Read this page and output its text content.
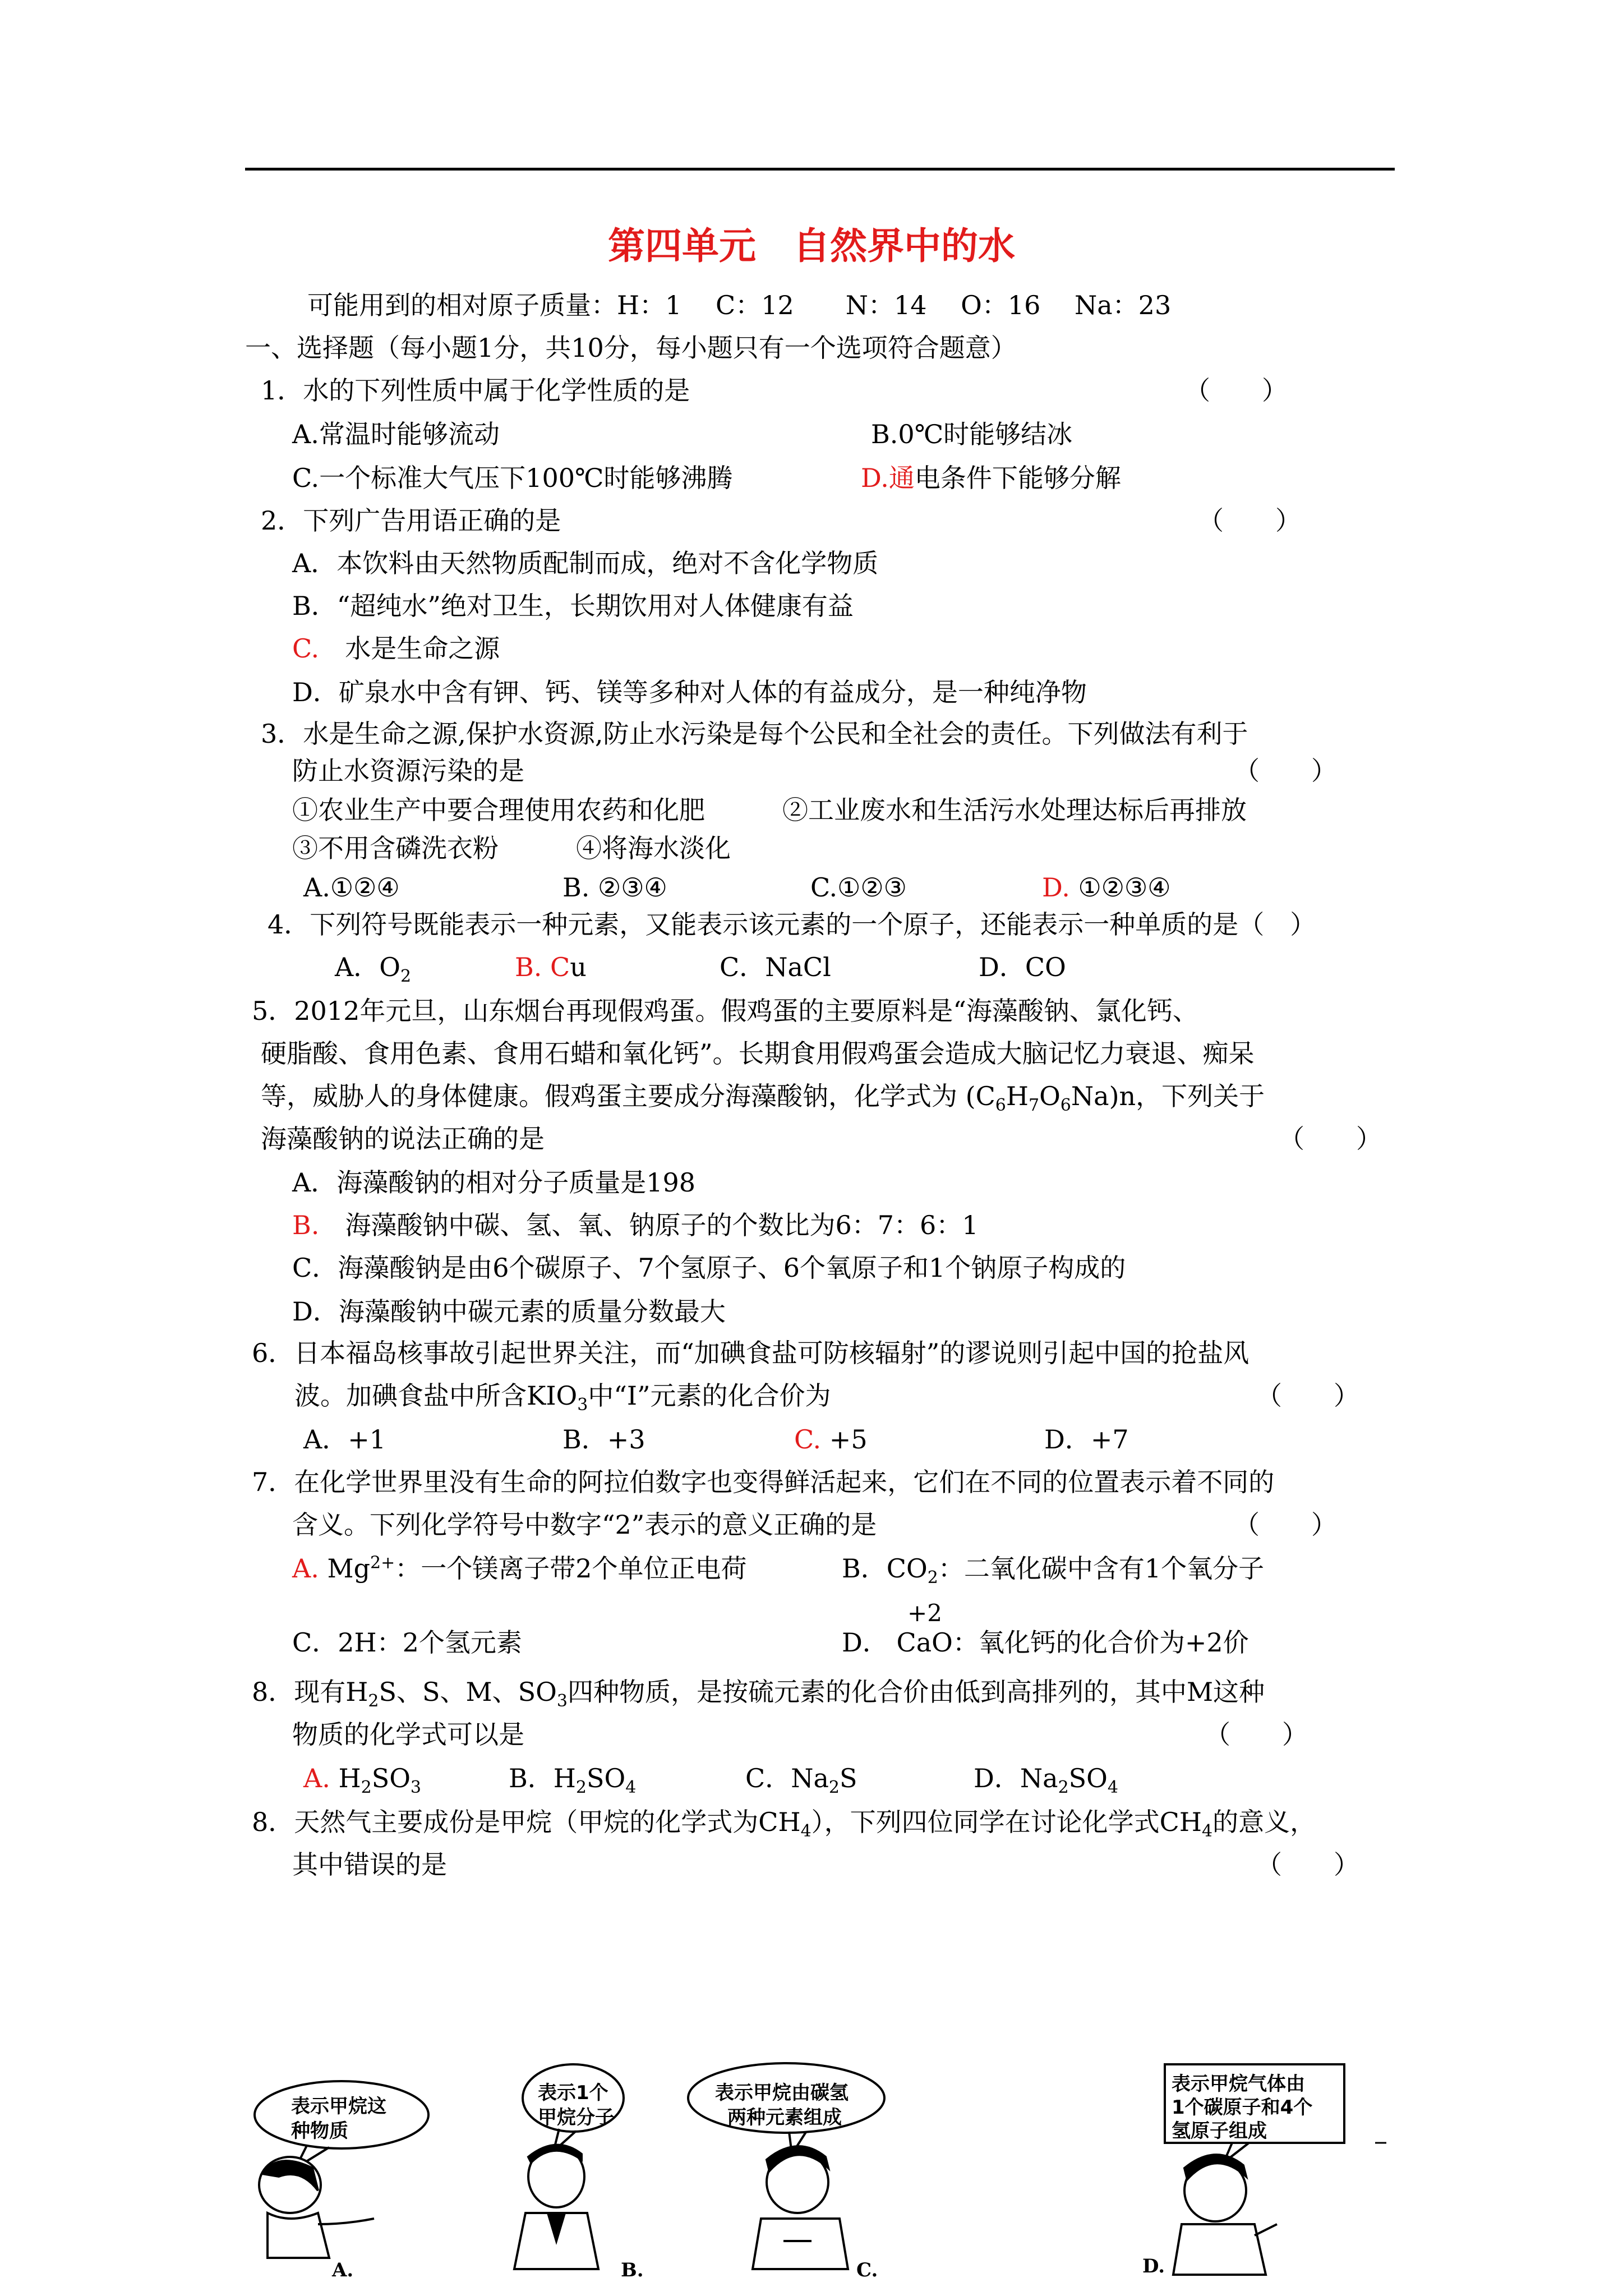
第四单元　自然界中的水
可能用到的相对原子质量：H：1　 C：12　　N：14　 O：16　 Na：23
一、选择题（每小题1分，共10分，每小题只有一个选项符合题意）
1．水的下列性质中属于化学性质的是	（　　）
A.常温时能够流动	B.0℃时能够结冰
C.一个标准大气压下100℃时能够沸腾	D.通电条件下能够分解
2．下列广告用语正确的是	（　　）
A．本饮料由天然物质配制而成，绝对不含化学物质
B．“超纯水”绝对卫生，长期饮用对人体健康有益
C.　水是生命之源
D．矿泉水中含有钾、钙、镁等多种对人体的有益成分，是一种纯净物
3．水是生命之源,保护水资源,防止水污染是每个公民和全社会的责任。下列做法有利于
防止水资源污染的是	（　　）
①农业生产中要合理使用农药和化肥　　　②工业废水和生活污水处理达标后再排放
③不用含磷洗衣粉　　　④将海水淡化
A.①②④	B. ②③④	C.①②③	D. ①②③④
4．下列符号既能表示一种元素，又能表示该元素的一个原子，还能表示一种单质的是（　）
A．$O_2$	B. Cu	C．NaCl	D．CO
5．2012年元旦，山东烟台再现假鸡蛋。假鸡蛋的主要原料是“海藻酸钠、氯化钙、
硬脂酸、食用色素、食用石蜡和氧化钙”。长期食用假鸡蛋会造成大脑记忆力衰退、痴呆
等，威胁人的身体健康。假鸡蛋主要成分海藻酸钠，化学式为 $(C_6H_7O_6Na)n$，下列关于
海藻酸钠的说法正确的是	（　　）
A．海藻酸钠的相对分子质量是198
B.　海藻酸钠中碳、氢、氧、钠原子的个数比为6：7：6：1
C．海藻酸钠是由6个碳原子、7个氢原子、6个氧原子和1个钠原子构成的
D．海藻酸钠中碳元素的质量分数最大
6．日本福岛核事故引起世界关注，而“加碘食盐可防核辐射”的谬说则引起中国的抢盐风
波。加碘食盐中所含$KIO_3$中“I”元素的化合价为	（　　）
A．+1	B．+3	C. +5	D．+7
7．在化学世界里没有生命的阿拉伯数字也变得鲜活起来，它们在不同的位置表示着不同的
含义。下列化学符号中数字“2”表示的意义正确的是	（　　）
A. $Mg^{2+}$：一个镁离子带2个单位正电荷	B．$CO_2$：二氧化碳中含有1个氧分子
+2
C．2H：2个氢元素	D． CaO：氧化钙的化合价为+2价
8．现有$H_2S$、S、M、$SO_3$四种物质，是按硫元素的化合价由低到高排列的，其中M这种
物质的化学式可以是	（　　）
A. $H_2SO_3$	B．$H_2SO_4$	C．$Na_2S$	D．$Na_2SO_4$
8．天然气主要成份是甲烷（甲烷的化学式为$CH_4$），下列四位同学在讨论化学式$CH_4$的意义，
其中错误的是	（　　）
表示甲烷这
种物质
表示1个
甲烷分子
表示甲烷由碳氢
两种元素组成
表示甲烷气体由
1个碳原子和4个
氢原子组成
A.	B.	C.	D.
